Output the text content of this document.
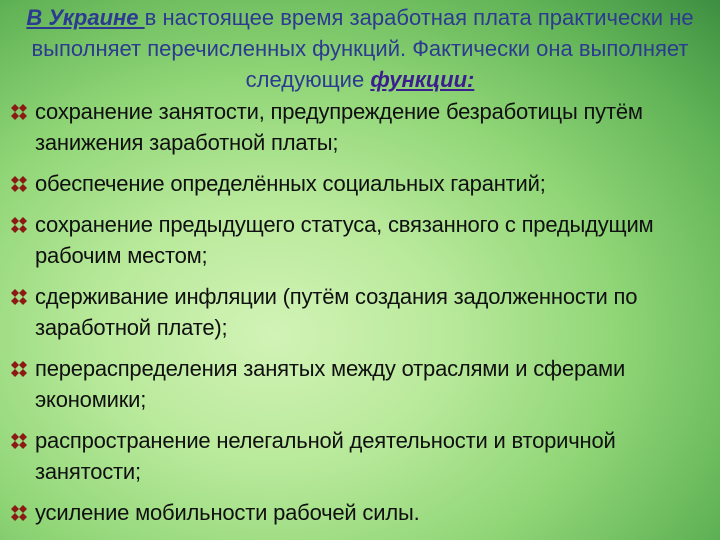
В Украине в настоящее время заработная плата практически не выполняет перечисленных функций. Фактически она выполняет следующие функции:
сохранение занятости, предупреждение безработицы путём занижения заработной платы;
обеспечение определённых социальных гарантий;
сохранение предыдущего статуса, связанного с предыдущим рабочим местом;
сдерживание инфляции (путём создания задолженности по заработной плате);
перераспределения занятых между отраслями и сферами экономики;
распространение нелегальной деятельности и вторичной занятости;
усиление мобильности рабочей силы.
